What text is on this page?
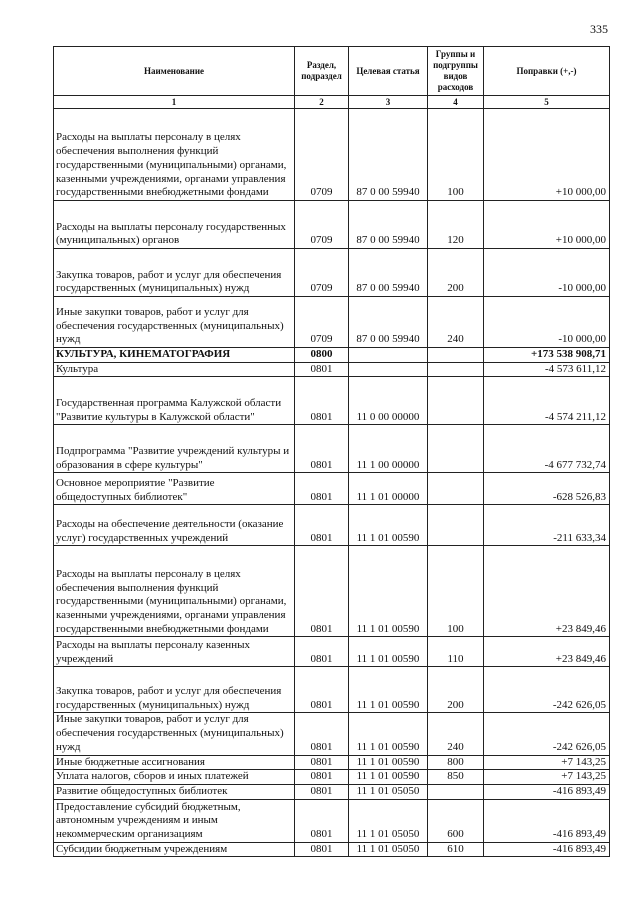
335
Наименование	Раздел, подраздел	Целевая статья	Группы и подгруппы видов расходов	Поправки (+,-)
1	2	3	4	5
Расходы на выплаты персоналу в целях обеспечения выполнения функций государственными (муниципальными) органами, казенными учреждениями, органами управления государственными внебюджетными фондами	0709	87 0 00 59940	100	+10 000,00
Расходы на выплаты персоналу государственных (муниципальных) органов	0709	87 0 00 59940	120	+10 000,00
Закупка товаров, работ и услуг для обеспечения государственных (муниципальных) нужд	0709	87 0 00 59940	200	-10 000,00
Иные закупки товаров, работ и услуг для обеспечения государственных (муниципальных) нужд	0709	87 0 00 59940	240	-10 000,00
КУЛЬТУРА, КИНЕМАТОГРАФИЯ	0800			+173 538 908,71
Культура	0801			-4 573 611,12
Государственная программа Калужской области "Развитие культуры в Калужской области"	0801	11 0 00 00000		-4 574 211,12
Подпрограмма "Развитие учреждений культуры и образования в сфере культуры"	0801	11 1 00 00000		-4 677 732,74
Основное мероприятие "Развитие общедоступных библиотек"	0801	11 1 01 00000		-628 526,83
Расходы на обеспечение деятельности (оказание услуг) государственных учреждений	0801	11 1 01 00590		-211 633,34
Расходы на выплаты персоналу в целях обеспечения выполнения функций государственными (муниципальными) органами, казенными учреждениями, органами управления государственными внебюджетными фондами	0801	11 1 01 00590	100	+23 849,46
Расходы на выплаты персоналу казенных учреждений	0801	11 1 01 00590	110	+23 849,46
Закупка товаров, работ и услуг для обеспечения государственных (муниципальных) нужд	0801	11 1 01 00590	200	-242 626,05
Иные закупки товаров, работ и услуг для обеспечения государственных (муниципальных) нужд	0801	11 1 01 00590	240	-242 626,05
Иные бюджетные ассигнования	0801	11 1 01 00590	800	+7 143,25
Уплата налогов, сборов и иных платежей	0801	11 1 01 00590	850	+7 143,25
Развитие общедоступных библиотек	0801	11 1 01 05050		-416 893,49
Предоставление субсидий бюджетным, автономным учреждениям и иным некоммерческим организациям	0801	11 1 01 05050	600	-416 893,49
Субсидии бюджетным учреждениям	0801	11 1 01 05050	610	-416 893,49
